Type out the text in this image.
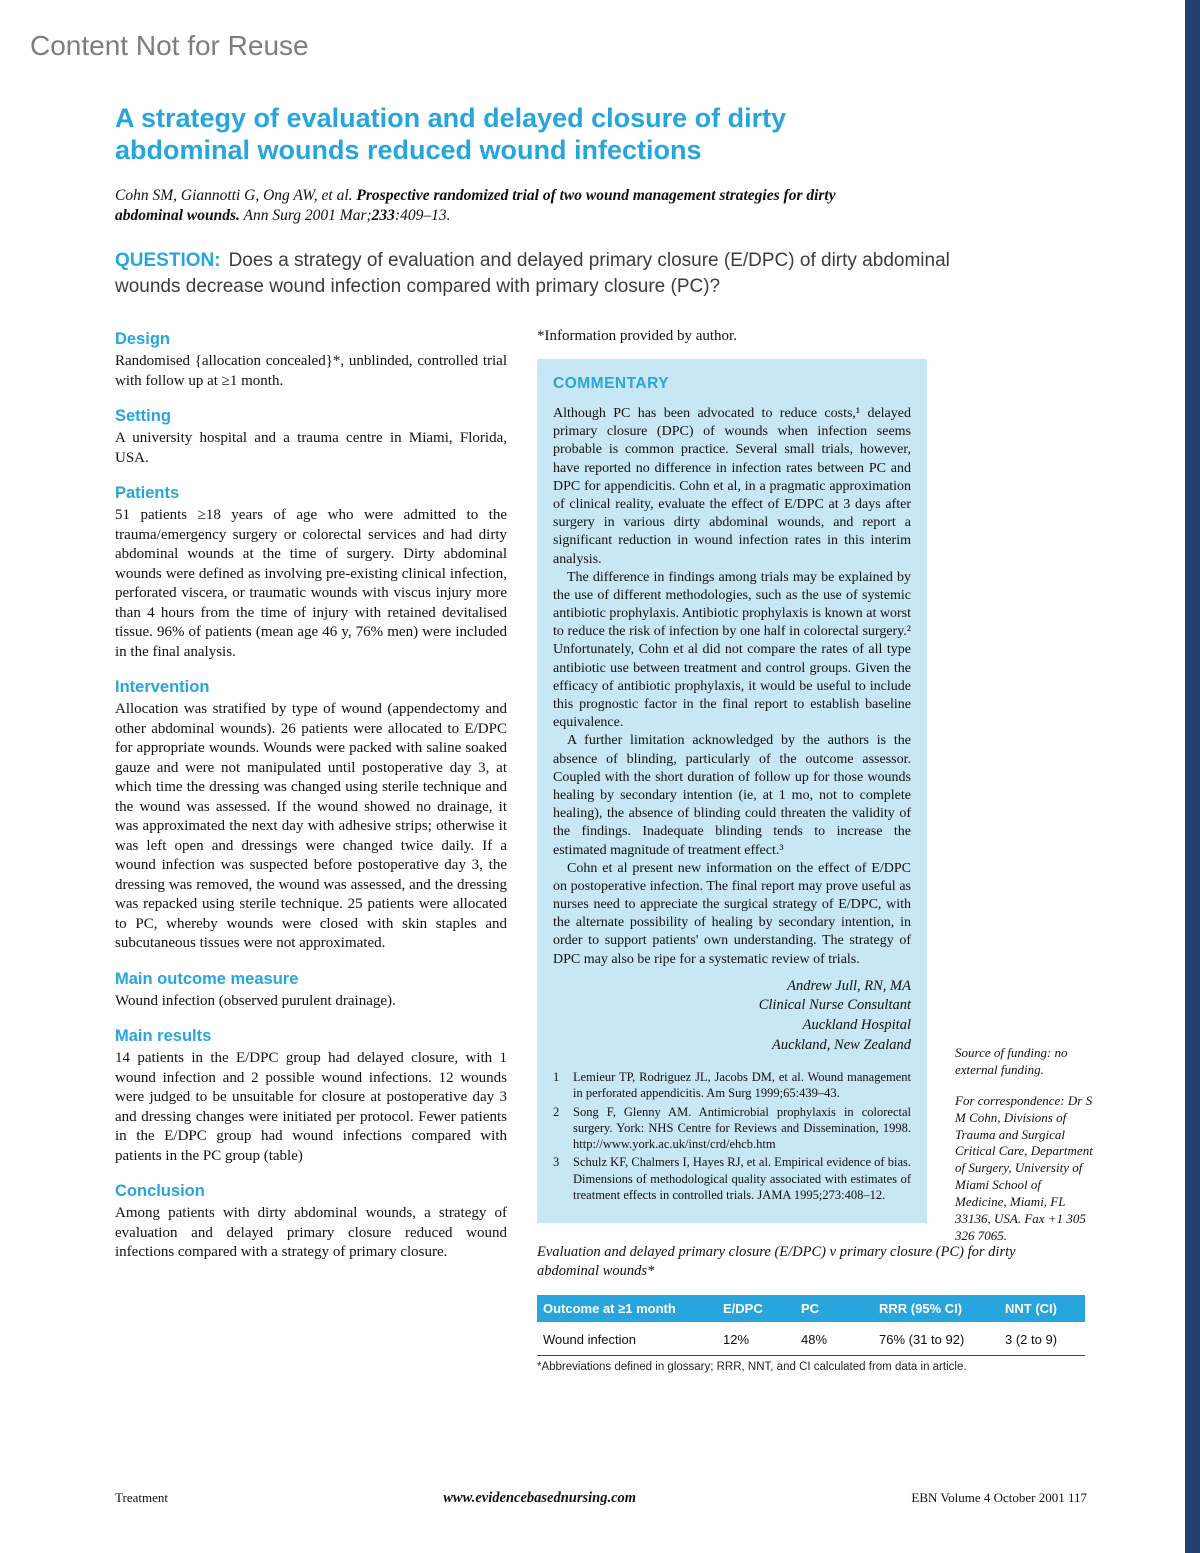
Content Not for Reuse
A strategy of evaluation and delayed closure of dirty abdominal wounds reduced wound infections
Cohn SM, Giannotti G, Ong AW, et al. Prospective randomized trial of two wound management strategies for dirty abdominal wounds. Ann Surg 2001 Mar;233:409–13.
QUESTION: Does a strategy of evaluation and delayed primary closure (E/DPC) of dirty abdominal wounds decrease wound infection compared with primary closure (PC)?
Design
Randomised {allocation concealed}*, unblinded, controlled trial with follow up at ≥1 month.
Setting
A university hospital and a trauma centre in Miami, Florida, USA.
Patients
51 patients ≥18 years of age who were admitted to the trauma/emergency surgery or colorectal services and had dirty abdominal wounds at the time of surgery. Dirty abdominal wounds were defined as involving pre-existing clinical infection, perforated viscera, or traumatic wounds with viscus injury more than 4 hours from the time of injury with retained devitalised tissue. 96% of patients (mean age 46 y, 76% men) were included in the final analysis.
Intervention
Allocation was stratified by type of wound (appendectomy and other abdominal wounds). 26 patients were allocated to E/DPC for appropriate wounds. Wounds were packed with saline soaked gauze and were not manipulated until postoperative day 3, at which time the dressing was changed using sterile technique and the wound was assessed. If the wound showed no drainage, it was approximated the next day with adhesive strips; otherwise it was left open and dressings were changed twice daily. If a wound infection was suspected before postoperative day 3, the dressing was removed, the wound was assessed, and the dressing was repacked using sterile technique. 25 patients were allocated to PC, whereby wounds were closed with skin staples and subcutaneous tissues were not approximated.
Main outcome measure
Wound infection (observed purulent drainage).
Main results
14 patients in the E/DPC group had delayed closure, with 1 wound infection and 2 possible wound infections. 12 wounds were judged to be unsuitable for closure at postoperative day 3 and dressing changes were initiated per protocol. Fewer patients in the E/DPC group had wound infections compared with patients in the PC group (table)
Conclusion
Among patients with dirty abdominal wounds, a strategy of evaluation and delayed primary closure reduced wound infections compared with a strategy of primary closure.
*Information provided by author.
COMMENTARY

Although PC has been advocated to reduce costs,¹ delayed primary closure (DPC) of wounds when infection seems probable is common practice. Several small trials, however, have reported no difference in infection rates between PC and DPC for appendicitis. Cohn et al, in a pragmatic approximation of clinical reality, evaluate the effect of E/DPC at 3 days after surgery in various dirty abdominal wounds, and report a significant reduction in wound infection rates in this interim analysis.

The difference in findings among trials may be explained by the use of different methodologies, such as the use of systemic antibiotic prophylaxis. Antibiotic prophylaxis is known at worst to reduce the risk of infection by one half in colorectal surgery.² Unfortunately, Cohn et al did not compare the rates of all type antibiotic use between treatment and control groups. Given the efficacy of antibiotic prophylaxis, it would be useful to include this prognostic factor in the final report to establish baseline equivalence.

A further limitation acknowledged by the authors is the absence of blinding, particularly of the outcome assessor. Coupled with the short duration of follow up for those wounds healing by secondary intention (ie, at 1 mo, not to complete healing), the absence of blinding could threaten the validity of the findings. Inadequate blinding tends to increase the estimated magnitude of treatment effect.³

Cohn et al present new information on the effect of E/DPC on postoperative infection. The final report may prove useful as nurses need to appreciate the surgical strategy of E/DPC, with the alternate possibility of healing by secondary intention, in order to support patients' own understanding. The strategy of DPC may also be ripe for a systematic review of trials.

Andrew Jull, RN, MA
Clinical Nurse Consultant
Auckland Hospital
Auckland, New Zealand
1	Lemieur TP, Rodriguez JL, Jacobs DM, et al. Wound management in perforated appendicitis. Am Surg 1999;65:439–43.
2	Song F, Glenny AM. Antimicrobial prophylaxis in colorectal surgery. York: NHS Centre for Reviews and Dissemination, 1998. http://www.york.ac.uk/inst/crd/ehcb.htm
3	Schulz KF, Chalmers I, Hayes RJ, et al. Empirical evidence of bias. Dimensions of methodological quality associated with estimates of treatment effects in controlled trials. JAMA 1995;273:408–12.
Evaluation and delayed primary closure (E/DPC) v primary closure (PC) for dirty abdominal wounds*
Outcome at ≥1 month	E/DPC	PC	RRR (95% CI)	NNT (CI)
Wound infection	12%	48%	76% (31 to 92)	3 (2 to 9)
*Abbreviations defined in glossary; RRR, NNT, and CI calculated from data in article.
Source of funding: no external funding.
For correspondence: Dr S M Cohn, Divisions of Trauma and Surgical Critical Care, Department of Surgery, University of Miami School of Medicine, Miami, FL 33136, USA. Fax +1 305 326 7065.
Treatment	www.evidencebasednursing.com	EBN Volume 4 October 2001 117
